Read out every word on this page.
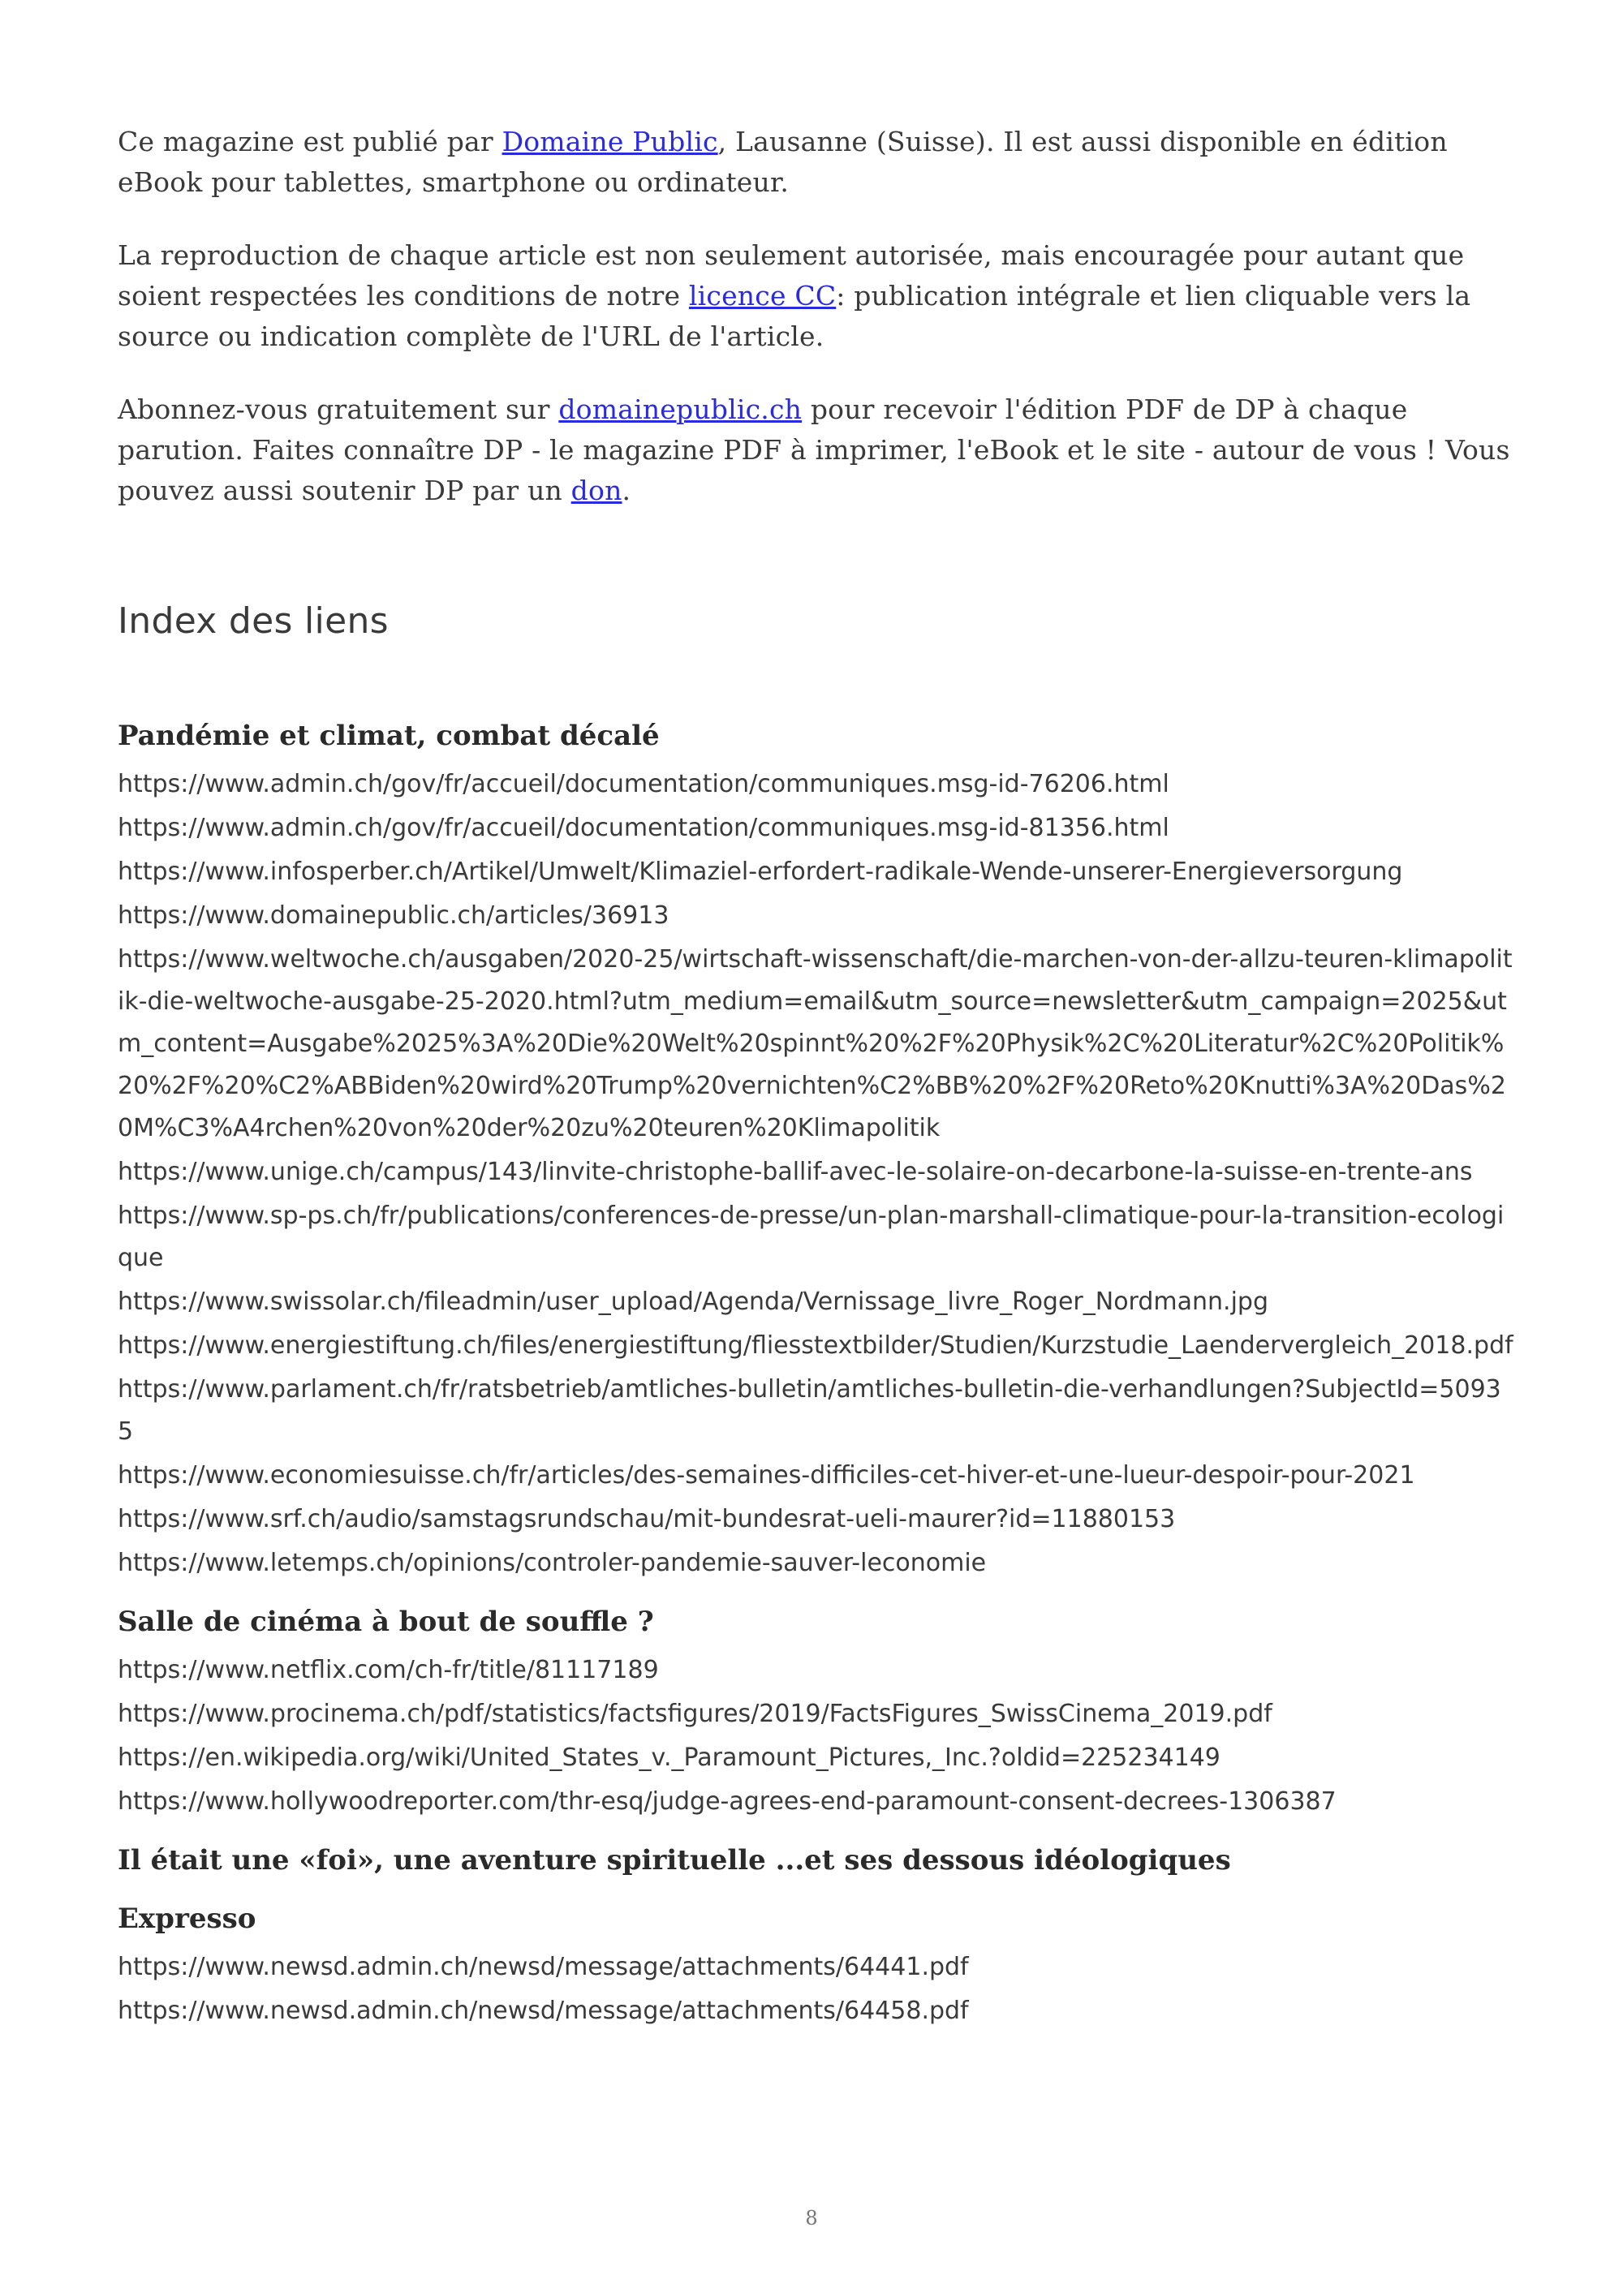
Ce magazine est publié par Domaine Public, Lausanne (Suisse). Il est aussi disponible en édition eBook pour tablettes, smartphone ou ordinateur.

La reproduction de chaque article est non seulement autorisée, mais encouragée pour autant que soient respectées les conditions de notre licence CC: publication intégrale et lien cliquable vers la source ou indication complète de l'URL de l'article.

Abonnez-vous gratuitement sur domainepublic.ch pour recevoir l'édition PDF de DP à chaque parution. Faites connaître DP - le magazine PDF à imprimer, l'eBook et le site - autour de vous ! Vous pouvez aussi soutenir DP par un don.

Index des liens
Pandémie et climat, combat décalé
https://www.admin.ch/gov/fr/accueil/documentation/communiques.msg-id-76206.html
https://www.admin.ch/gov/fr/accueil/documentation/communiques.msg-id-81356.html
https://www.infosperber.ch/Artikel/Umwelt/Klimaziel-erfordert-radikale-Wende-unserer-Energieversorgung
https://www.domainepublic.ch/articles/36913
https://www.weltwoche.ch/ausgaben/2020-25/wirtschaft-wissenschaft/die-marchen-von-der-allzu-teuren-klimapolitik-die-weltwoche-ausgabe-25-2020.html?utm_medium=email&utm_source=newsletter&utm_campaign=2025&utm_content=Ausgabe%2025%3A%20Die%20Welt%20spinnt%20%2F%20Physik%2C%20Literatur%2C%20Politik%20%2F%20%C2%ABBiden%20wird%20Trump%20vernichten%C2%BB%20%2F%20Reto%20Knutti%3A%20Das%20M%C3%A4rchen%20von%20der%20zu%20teuren%20Klimapolitik
https://www.unige.ch/campus/143/linvite-christophe-ballif-avec-le-solaire-on-decarbone-la-suisse-en-trente-ans
https://www.sp-ps.ch/fr/publications/conferences-de-presse/un-plan-marshall-climatique-pour-la-transition-ecologique
https://www.swissolar.ch/fileadmin/user_upload/Agenda/Vernissage_livre_Roger_Nordmann.jpg
https://www.energiestiftung.ch/files/energiestiftung/fliesstextbilder/Studien/Kurzstudie_Laendervergleich_2018.pdf
https://www.parlament.ch/fr/ratsbetrieb/amtliches-bulletin/amtliches-bulletin-die-verhandlungen?SubjectId=50935
https://www.economiesuisse.ch/fr/articles/des-semaines-difficiles-cet-hiver-et-une-lueur-despoir-pour-2021
https://www.srf.ch/audio/samstagsrundschau/mit-bundesrat-ueli-maurer?id=11880153
https://www.letemps.ch/opinions/controler-pandemie-sauver-leconomie
Salle de cinéma à bout de souffle ?
https://www.netflix.com/ch-fr/title/81117189
https://www.procinema.ch/pdf/statistics/factsfigures/2019/FactsFigures_SwissCinema_2019.pdf
https://en.wikipedia.org/wiki/United_States_v._Paramount_Pictures,_Inc.?oldid=225234149
https://www.hollywoodreporter.com/thr-esq/judge-agrees-end-paramount-consent-decrees-1306387
Il était une «foi», une aventure spirituelle ...et ses dessous idéologiques
Expresso
https://www.newsd.admin.ch/newsd/message/attachments/64441.pdf
https://www.newsd.admin.ch/newsd/message/attachments/64458.pdf
8
